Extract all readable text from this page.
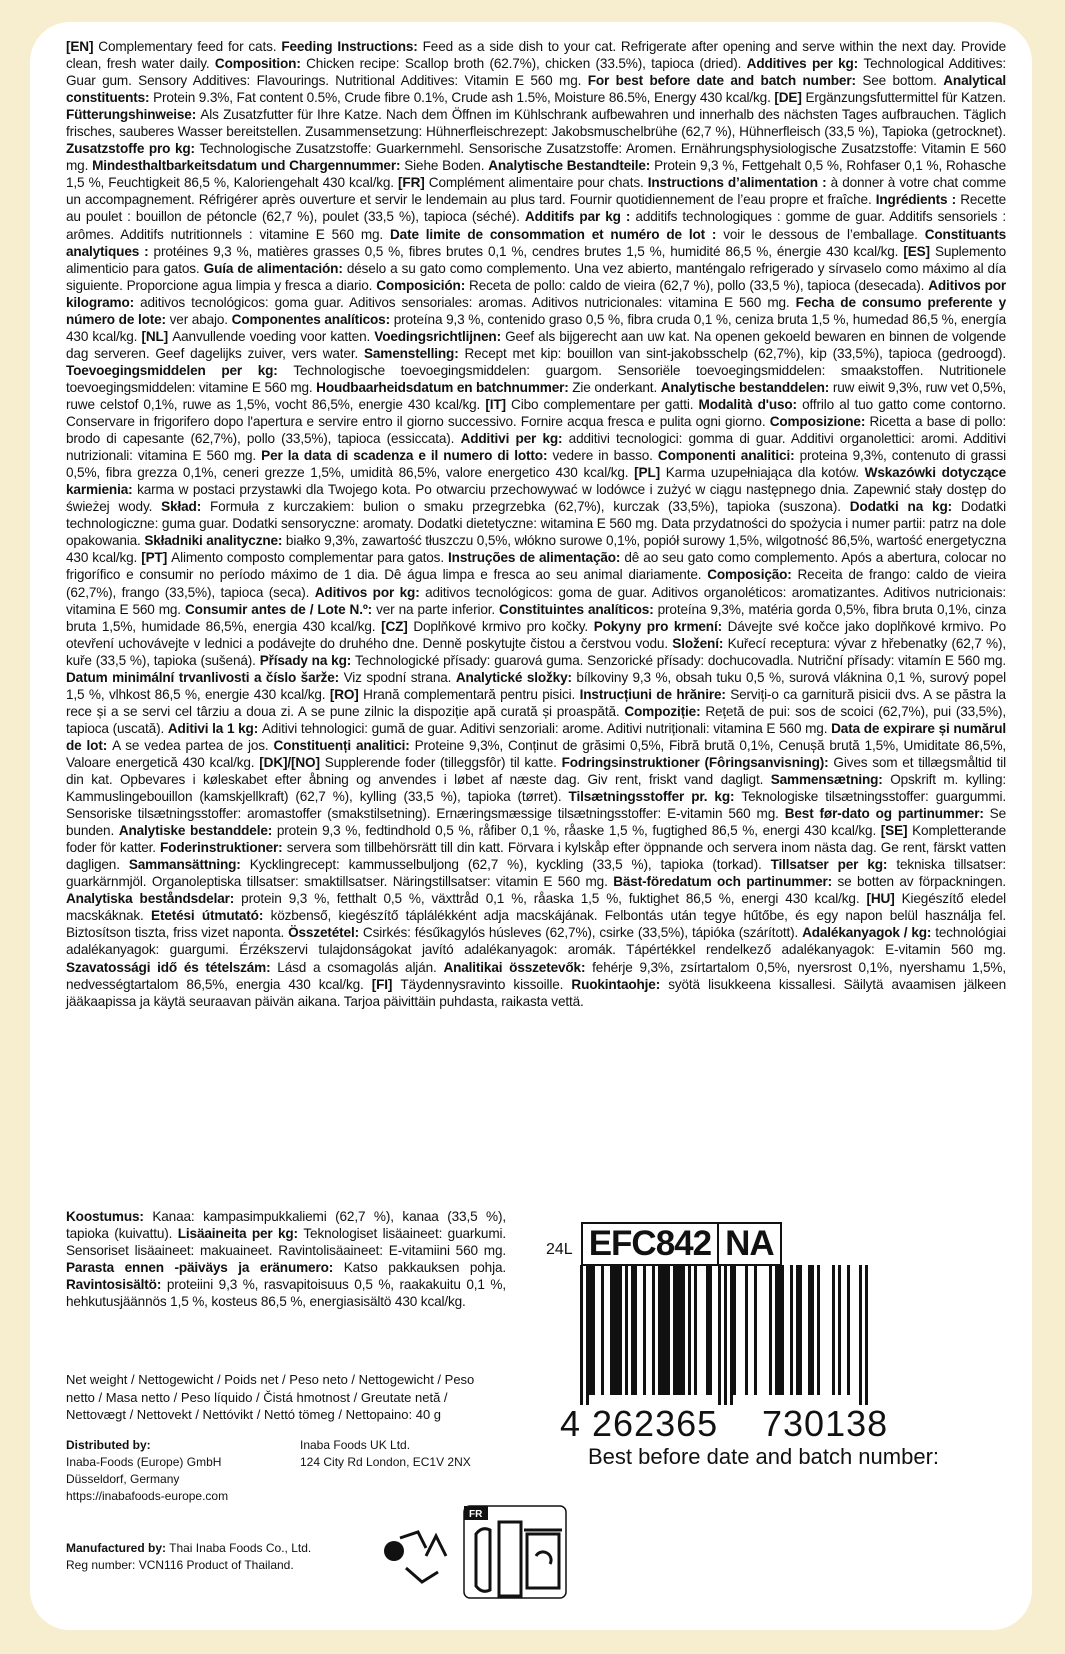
[EN] Complementary feed for cats. Feeding Instructions: Feed as a side dish to your cat. Refrigerate after opening and serve within the next day. Provide clean, fresh water daily. Composition: Chicken recipe: Scallop broth (62.7%), chicken (33.5%), tapioca (dried). Additives per kg: Technological Additives: Guar gum. Sensory Additives: Flavourings. Nutritional Additives: Vitamin E 560 mg. For best before date and batch number: See bottom. Analytical constituents: Protein 9.3%, Fat content 0.5%, Crude fibre 0.1%, Crude ash 1.5%, Moisture 86.5%, Energy 430 kcal/kg. [DE] Ergänzungsfuttermittel für Katzen. Fütterungshinweise: Als Zusatzfutter für Ihre Katze. Nach dem Öffnen im Kühlschrank aufbewahren und innerhalb des nächsten Tages aufbrauchen. Täglich frisches, sauberes Wasser bereitstellen. Zusammensetzung: Hühnerfleischrezept: Jakobsmuschelbrühe (62,7 %), Hühnerfleisch (33,5 %), Tapioka (getrocknet). Zusatzstoffe pro kg: Technologische Zusatzstoffe: Guarkernmehl. Sensorische Zusatzstoffe: Aromen. Ernährungsphysiologische Zusatzstoffe: Vitamin E 560 mg. Mindesthaltbarkeitsdatum und Chargennummer: Siehe Boden. Analytische Bestandteile: Protein 9,3 %, Fettgehalt 0,5 %, Rohfaser 0,1 %, Rohasche 1,5 %, Feuchtigkeit 86,5 %, Kaloriengehalt 430 kcal/kg. [FR] Complément alimentaire pour chats. Instructions d’alimentation : à donner à votre chat comme un accompagnement. Réfrigérer après ouverture et servir le lendemain au plus tard. Fournir quotidiennement de l’eau propre et fraîche. Ingrédients : Recette au poulet : bouillon de pétoncle (62,7 %), poulet (33,5 %), tapioca (séché). Additifs par kg : additifs technologiques : gomme de guar. Additifs sensoriels : arômes. Additifs nutritionnels : vitamine E 560 mg. Date limite de consommation et numéro de lot : voir le dessous de l’emballage. Constituants analytiques : protéines 9,3 %, matières grasses 0,5 %, fibres brutes 0,1 %, cendres brutes 1,5 %, humidité 86,5 %, énergie 430 kcal/kg. [ES] Suplemento alimenticio para gatos. Guía de alimentación: déselo a su gato como complemento. Una vez abierto, manténgalo refrigerado y sírvaselo como máximo al día siguiente. Proporcione agua limpia y fresca a diario. Composición: Receta de pollo: caldo de vieira (62,7 %), pollo (33,5 %), tapioca (desecada). Aditivos por kilogramo: aditivos tecnológicos: goma guar. Aditivos sensoriales: aromas. Aditivos nutricionales: vitamina E 560 mg. Fecha de consumo preferente y número de lote: ver abajo. Componentes analíticos: proteína 9,3 %, contenido graso 0,5 %, fibra cruda 0,1 %, ceniza bruta 1,5 %, humedad 86,5 %, energía 430 kcal/kg. [NL] Aanvullende voeding voor katten. Voedingsrichtlijnen: Geef als bijgerecht aan uw kat. Na openen gekoeld bewaren en binnen de volgende dag serveren. Geef dagelijks zuiver, vers water. Samenstelling: Recept met kip: bouillon van sint-jakobsschelp (62,7%), kip (33,5%), tapioca (gedroogd). Toevoegingsmiddelen per kg: Technologische toevoegingsmiddelen: guargom. Sensoriële toevoegingsmiddelen: smaakstoffen. Nutritionele toevoegingsmiddelen: vitamine E 560 mg. Houdbaarheidsdatum en batchnummer: Zie onderkant. Analytische bestanddelen: ruw eiwit 9,3%, ruw vet 0,5%, ruwe celstof 0,1%, ruwe as 1,5%, vocht 86,5%, energie 430 kcal/kg. [IT] Cibo complementare per gatti. Modalità d'uso: offrilo al tuo gatto come contorno. Conservare in frigorifero dopo l'apertura e servire entro il giorno successivo. Fornire acqua fresca e pulita ogni giorno. Composizione: Ricetta a base di pollo: brodo di capesante (62,7%), pollo (33,5%), tapioca (essiccata). Additivi per kg: additivi tecnologici: gomma di guar. Additivi organolettici: aromi. Additivi nutrizionali: vitamina E 560 mg. Per la data di scadenza e il numero di lotto: vedere in basso. Componenti analitici: proteina 9,3%, contenuto di grassi 0,5%, fibra grezza 0,1%, ceneri grezze 1,5%, umidità 86,5%, valore energetico 430 kcal/kg. [PL] Karma uzupełniająca dla kotów. Wskazówki dotyczące karmienia: karma w postaci przystawki dla Twojego kota. Po otwarciu przechowywać w lodówce i zużyć w ciągu następnego dnia. Zapewnić stały dostęp do świeżej wody. Skład: Formuła z kurczakiem: bulion o smaku przegrzebka (62,7%), kurczak (33,5%), tapioka (suszona). Dodatki na kg: Dodatki technologiczne: guma guar. Dodatki sensoryczne: aromaty. Dodatki dietetyczne: witamina E 560 mg. Data przydatności do spożycia i numer partii: patrz na dole opakowania. Składniki analityczne: białko 9,3%, zawartość tłuszczu 0,5%, włókno surowe 0,1%, popiół surowy 1,5%, wilgotność 86,5%, wartość energetyczna 430 kcal/kg. [PT] Alimento composto complementar para gatos. Instruções de alimentação: dê ao seu gato como complemento. Após a abertura, colocar no frigorífico e consumir no período máximo de 1 dia. Dê água limpa e fresca ao seu animal diariamente. Composição: Receita de frango: caldo de vieira (62,7%), frango (33,5%), tapioca (seca). Aditivos por kg: aditivos tecnológicos: goma de guar. Aditivos organoléticos: aromatizantes. Aditivos nutricionais: vitamina E 560 mg. Consumir antes de / Lote N.º: ver na parte inferior. Constituintes analíticos: proteína 9,3%, matéria gorda 0,5%, fibra bruta 0,1%, cinza bruta 1,5%, humidade 86,5%, energia 430 kcal/kg. [CZ] Doplňkové krmivo pro kočky. Pokyny pro krmení: Dávejte své kočce jako doplňkové krmivo. Po otevření uchovávejte v lednici a podávejte do druhého dne. Denně poskytujte čistou a čerstvou vodu. Složení: Kuřecí receptura: vývar z hřebenatky (62,7 %), kuře (33,5 %), tapioka (sušená). Přísady na kg: Technologické přísady: guarová guma. Senzorické přísady: dochucovadla. Nutriční přísady: vitamín E 560 mg. Datum minimální trvanlivosti a číslo šarže: Viz spodní strana. Analytické složky: bílkoviny 9,3 %, obsah tuku 0,5 %, surová vláknina 0,1 %, surový popel 1,5 %, vlhkost 86,5 %, energie 430 kcal/kg. [RO] Hrană complementară pentru pisici. Instrucțiuni de hrănire: Serviți-o ca garnitură pisicii dvs. A se păstra la rece și a se servi cel târziu a doua zi. A se pune zilnic la dispoziție apă curată și proaspătă. Compoziție: Rețetă de pui: sos de scoici (62,7%), pui (33,5%), tapioca (uscată). Aditivi la 1 kg: Aditivi tehnologici: gumă de guar. Aditivi senzoriali: arome. Aditivi nutriționali: vitamina E 560 mg. Data de expirare și numărul de lot: A se vedea partea de jos. Constituenți analitici: Proteine 9,3%, Conținut de grăsimi 0,5%, Fibră brută 0,1%, Cenușă brută 1,5%, Umiditate 86,5%, Valoare energetică 430 kcal/kg. [DK]/[NO] Supplerende foder (tilleggsfôr) til katte. Fodringsinstruktioner (Fôringsanvisning): Gives som et tillægsmåltid til din kat. Opbevares i køleskabet efter åbning og anvendes i løbet af næste dag. Giv rent, friskt vand dagligt. Sammensætning: Opskrift m. kylling: Kammuslingebouillon (kamskjellkraft) (62,7 %), kylling (33,5 %), tapioka (tørret). Tilsætningsstoffer pr. kg: Teknologiske tilsætningsstoffer: guargummi. Sensoriske tilsætningsstoffer: aromastoffer (smakstilsetning). Ernæringsmæssige tilsætningsstoffer: E-vitamin 560 mg. Best før-dato og partinummer: Se bunden. Analytiske bestanddele: protein 9,3 %, fedtindhold 0,5 %, råfiber 0,1 %, råaske 1,5 %, fugtighed 86,5 %, energi 430 kcal/kg. [SE] Kompletterande foder för katter. Foderinstruktioner: servera som tillbehörsrätt till din katt. Förvara i kylskåp efter öppnande och servera inom nästa dag. Ge rent, färskt vatten dagligen. Sammansättning: Kycklingrecept: kammusselbuljong (62,7 %), kyckling (33,5 %), tapioka (torkad). Tillsatser per kg: tekniska tillsatser: guarkärnmjöl. Organoleptiska tillsatser: smaktillsatser. Näringstillsatser: vitamin E 560 mg. Bäst-föredatum och partinummer: se botten av förpackningen. Analytiska beståndsdelar: protein 9,3 %, fetthalt 0,5 %, växttråd 0,1 %, råaska 1,5 %, fuktighet 86,5 %, energi 430 kcal/kg. [HU] Kiegészítő eledel macskáknak. Etetési útmutató: közbenső, kiegészítő táplálékként adja macskájának. Felbontás után tegye hűtőbe, és egy napon belül használja fel. Biztosítson tiszta, friss vizet naponta. Összetétel: Csirkés: fésűkagylós húsleves (62,7%), csirke (33,5%), tápióka (szárított). Adalékanyagok / kg: technológiai adalékanyagok: guargumi. Érzékszervi tulajdonságokat javító adalékanyagok: aromák. Tápértékkel rendelkező adalékanyagok: E-vitamin 560 mg. Szavatossági idő és tételszám: Lásd a csomagolás alján. Analitikai összetevők: fehérje 9,3%, zsírtartalom 0,5%, nyersrost 0,1%, nyershamu 1,5%, nedvességtartalom 86,5%, energia 430 kcal/kg. [FI] Täydennysravinto kissoille. Ruokintaohje: syötä lisukkeena kissallesi. Säilytä avaamisen jälkeen jääkaapissa ja käytä seuraavan päivän aikana. Tarjoa päivittäin puhdasta, raikasta vettä.
Koostumus: Kanaa: kampasimpukkaliemi (62,7 %), kanaa (33,5 %), tapioka (kuivattu). Lisäaineita per kg: Teknologiset lisäaineet: guarkumi. Sensoriset lisäaineet: makuaineet. Ravintolisäaineet: E-vitamiini 560 mg. Parasta ennen -päiväys ja eränumero: Katso pakkauksen pohja. Ravintosisältö: proteiini 9,3 %, rasvapitoisuus 0,5 %, raakakuitu 0,1 %, hehkutusjäännös 1,5 %, kosteus 86,5 %, energiasisältö 430 kcal/kg.
Net weight / Nettogewicht / Poids net / Peso neto / Nettogewicht / Peso netto / Masa netto / Peso líquido / Čistá hmotnost / Greutate netă / Nettovægt / Nettovekt / Nettóvikt / Nettó tömeg / Nettopaino: 40 g
Distributed by:
Inaba-Foods (Europe) GmbH
Düsseldorf, Germany
https://inabafoods-europe.com
Inaba Foods UK Ltd.
124 City Rd London, EC1V 2NX
Manufactured by: Thai Inaba Foods Co., Ltd.
Reg number: VCN116 Product of Thailand.
24L EFC842 NA
4 262365	730138
Best before date and batch number:
FR
